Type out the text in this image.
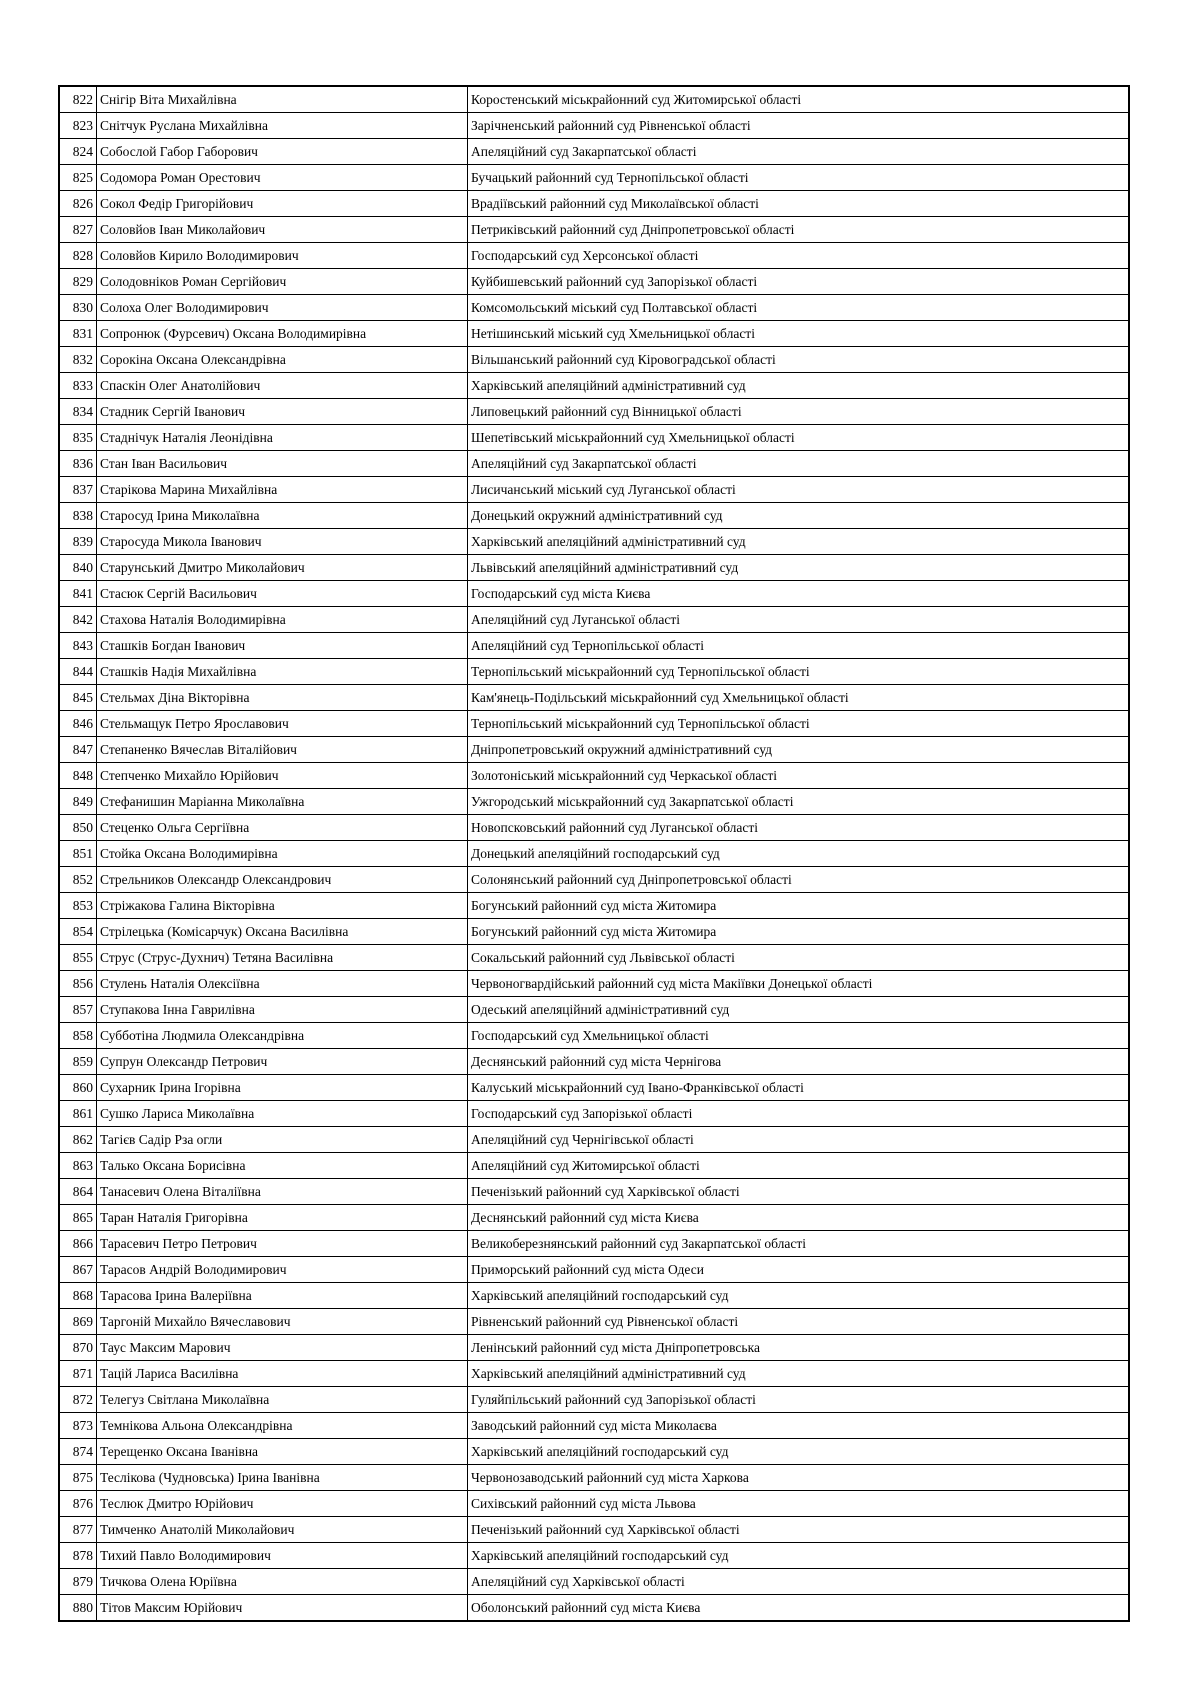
822	Снігір Віта Михайлівна	Коростенський міськрайонний суд Житомирської області
823	Снітчук Руслана Михайлівна	Зарічненський районний суд Рівненської області
824	Собослой Габор Габорович	Апеляційний суд Закарпатської області
825	Содомора Роман Орестович	Бучацький районний суд Тернопільської області
826	Сокол Федір Григорійович	Врадіївський районний суд Миколаївської області
827	Соловйов Іван Миколайович	Петриківський районний суд Дніпропетровської області
828	Соловйов Кирило Володимирович	Господарський суд Херсонської області
829	Солодовніков Роман Сергійович	Куйбишевський районний суд Запорізької області
830	Солоха Олег Володимирович	Комсомольський міський суд Полтавської області
831	Сопронюк (Фурсевич) Оксана Володимирівна	Нетішинський міський суд Хмельницької області
832	Сорокіна Оксана Олександрівна	Вільшанський районний суд Кіровоградської області
833	Спаскін Олег Анатолійович	Харківський апеляційний адміністративний суд
834	Стадник Сергій Іванович	Липовецький районний суд Вінницької області
835	Стаднічук Наталія Леонідівна	Шепетівський міськрайонний суд Хмельницької області
836	Стан Іван Васильович	Апеляційний суд Закарпатської області
837	Старікова Марина Михайлівна	Лисичанський міський суд Луганської області
838	Старосуд Ірина Миколаївна	Донецький окружний адміністративний суд
839	Старосуда Микола Іванович	Харківський апеляційний адміністративний суд
840	Старунський Дмитро Миколайович	Львівський апеляційний адміністративний суд
841	Стасюк Сергій Васильович	Господарський суд міста Києва
842	Стахова Наталія Володимирівна	Апеляційний суд Луганської області
843	Сташків Богдан Іванович	Апеляційний суд Тернопільської області
844	Сташків Надія Михайлівна	Тернопільський міськрайонний суд Тернопільської області
845	Стельмах Діна Вікторівна	Кам'янець-Подільський міськрайонний суд Хмельницької області
846	Стельмащук Петро Ярославович	Тернопільський міськрайонний суд Тернопільської області
847	Степаненко Вячеслав Віталійович	Дніпропетровський окружний адміністративний суд
848	Степченко Михайло Юрійович	Золотоніський міськрайонний суд Черкаської області
849	Стефанишин Маріанна Миколаївна	Ужгородський міськрайонний суд Закарпатської області
850	Стеценко Ольга Сергіївна	Новопсковський районний суд Луганської області
851	Стойка Оксана Володимирівна	Донецький апеляційний господарський суд
852	Стрельников Олександр Олександрович	Солонянський районний суд Дніпропетровської області
853	Стріжакова Галина Вікторівна	Богунський районний суд міста Житомира
854	Стрілецька (Комісарчук) Оксана Василівна	Богунський районний суд міста Житомира
855	Струс (Струс-Духнич) Тетяна Василівна	Сокальський районний суд Львівської області
856	Стулень Наталія Олексіївна	Червоногвардійський районний суд міста Макіївки Донецької області
857	Ступакова Інна Гаврилівна	Одеський апеляційний адміністративний суд
858	Субботіна Людмила Олександрівна	Господарський суд Хмельницької області
859	Супрун Олександр Петрович	Деснянський районний суд міста Чернігова
860	Сухарник Ірина Ігорівна	Калуський міськрайонний суд Івано-Франківської області
861	Сушко Лариса Миколаївна	Господарський суд Запорізької області
862	Тагієв Садір Рза огли	Апеляційний суд Чернігівської області
863	Талько Оксана Борисівна	Апеляційний суд Житомирської області
864	Танасевич Олена Віталіївна	Печенізький районний суд Харківської області
865	Таран Наталія Григорівна	Деснянський районний суд міста Києва
866	Тарасевич Петро Петрович	Великоберезнянський районний суд Закарпатської області
867	Тарасов Андрій Володимирович	Приморський районний суд міста Одеси
868	Тарасова Ірина Валеріївна	Харківський апеляційний господарський суд
869	Таргоній Михайло Вячеславович	Рівненський районний суд Рівненської області
870	Таус Максим Марович	Ленінський районний суд міста Дніпропетровська
871	Тацій Лариса Василівна	Харківський апеляційний адміністративний суд
872	Телегуз Світлана Миколаївна	Гуляйпільський районний суд Запорізької області
873	Темнікова Альона Олександрівна	Заводський районний суд міста Миколаєва
874	Терещенко Оксана Іванівна	Харківський апеляційний господарський суд
875	Теслікова (Чудновська) Ірина Іванівна	Червонозаводський районний суд міста Харкова
876	Теслюк Дмитро Юрійович	Сихівський районний суд міста Львова
877	Тимченко Анатолій Миколайович	Печенізький районний суд Харківської області
878	Тихий Павло Володимирович	Харківський апеляційний господарський суд
879	Тичкова Олена Юріївна	Апеляційний суд Харківської області
880	Тітов Максим Юрійович	Оболонський районний суд міста Києва
